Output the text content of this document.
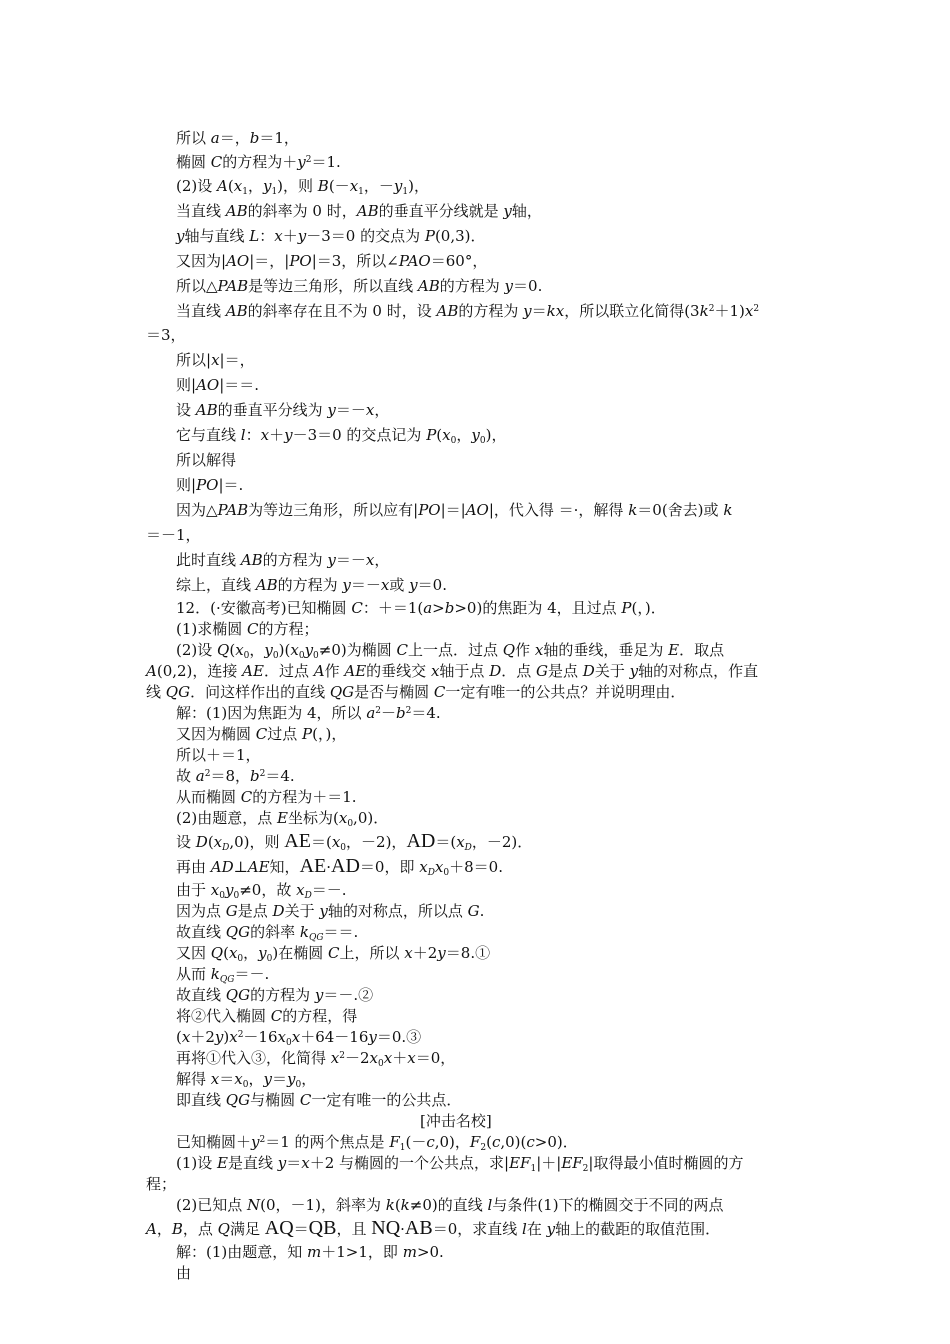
所以 a＝，b＝1，
椭圆 C的方程为$+y^2=1$.
(2)设 $A(x_1$，$y_1$)，则 $B(-x_1$，$-y_1$)，
当直线 AB的斜率为 0 时，AB的垂直平分线就是 y轴，
y轴与直线 L：x＋y－3＝0 的交点为 P(0,3)．
又因为|AO|＝，|PO|＝3，所以∠PAO＝60°，
所以△PAB是等边三角形，所以直线 AB的方程为 y＝0.
当直线 AB的斜率存在且不为 0 时，设 AB的方程为 y＝kx，所以联立化简得$(3k^2+1)x^2$
＝3，
所以|x|＝，
则|AO|＝＝.
设 AB的垂直平分线为 y＝－x，
它与直线 l：x＋y－3＝0 的交点记为 $P(x_0$，$y_0$)，
所以解得
则|PO|＝.
因为△PAB为等边三角形，所以应有|PO|＝|AO|，代入得 ＝·，解得 k＝0(舍去)或 k
＝－1，
此时直线 AB的方程为 y＝－x，
综上，直线 AB的方程为 y＝－x或 y＝0.
12．(·安徽高考)已知椭圆 C：＋＝1(a>b>0)的焦距为 4，且过点 P(，)．
(1)求椭圆 C的方程；
(2)设 $Q(x_0$，$y_0)(x_0y_0\ne 0)$为椭圆 C上一点．过点 Q作 x轴的垂线，垂足为 E．取点
A(0,2)，连接 AE．过点 A作 AE的垂线交 x轴于点 D．点 G是点 D关于 y轴的对称点，作直
线 QG．问这样作出的直线 QG是否与椭圆 C一定有唯一的公共点？并说明理由．
解：(1)因为焦距为 4，所以 $a^2-b^2=4$.
又因为椭圆 C过点 P(，)，
所以＋＝1，
故 $a^2=8$，$b^2=4$.
从而椭圆 C的方程为＋＝1.
(2)由题意，点 E坐标为$(x_0,0)$．
设 $D(x_D,0)$，则 $AE=(x_0$，－2)，$AD=(x_D$，－2)．
再由 AD⊥AE知，AE·AD＝0，即 $x_Dx_0+8=0$.
由于 $x_0y_0\ne 0$，故 $x_D=-$.
因为点 G是点 D关于 y轴的对称点，所以点 G.
故直线 QG的斜率 $k_{QG}==$.
又因 $Q(x_0$，$y_0$)在椭圆 C上，所以 x＋2y＝8.①
从而 $k_{QG}=-$.
故直线 QG的方程为 y＝－.②
将②代入椭圆 C的方程，得
$(x+2y)x^2-16x_0x+64-16y=0.③$
再将①代入③，化简得 $x^2-2x_0x+x=0$，
解得 $x=x_0$，$y=y_0$，
即直线 QG与椭圆 C一定有唯一的公共点．
[冲击名校]
已知椭圆$+y^2=1$ 的两个焦点是 $F_1(-c,0)$，$F_2(c,0)(c>0)$．
(1)设 E是直线 y＝x＋2 与椭圆的一个公共点，求$|EF_1|+|EF_2|$取得最小值时椭圆的方
程；
(2)已知点 N(0，－1)，斜率为 k(k≠0)的直线 l与条件(1)下的椭圆交于不同的两点
A，B，点 Q满足 AQ＝QB，且 NQ·AB＝0，求直线 l在 y轴上的截距的取值范围．
解：(1)由题意，知 m＋1>1，即 m>0.
由
